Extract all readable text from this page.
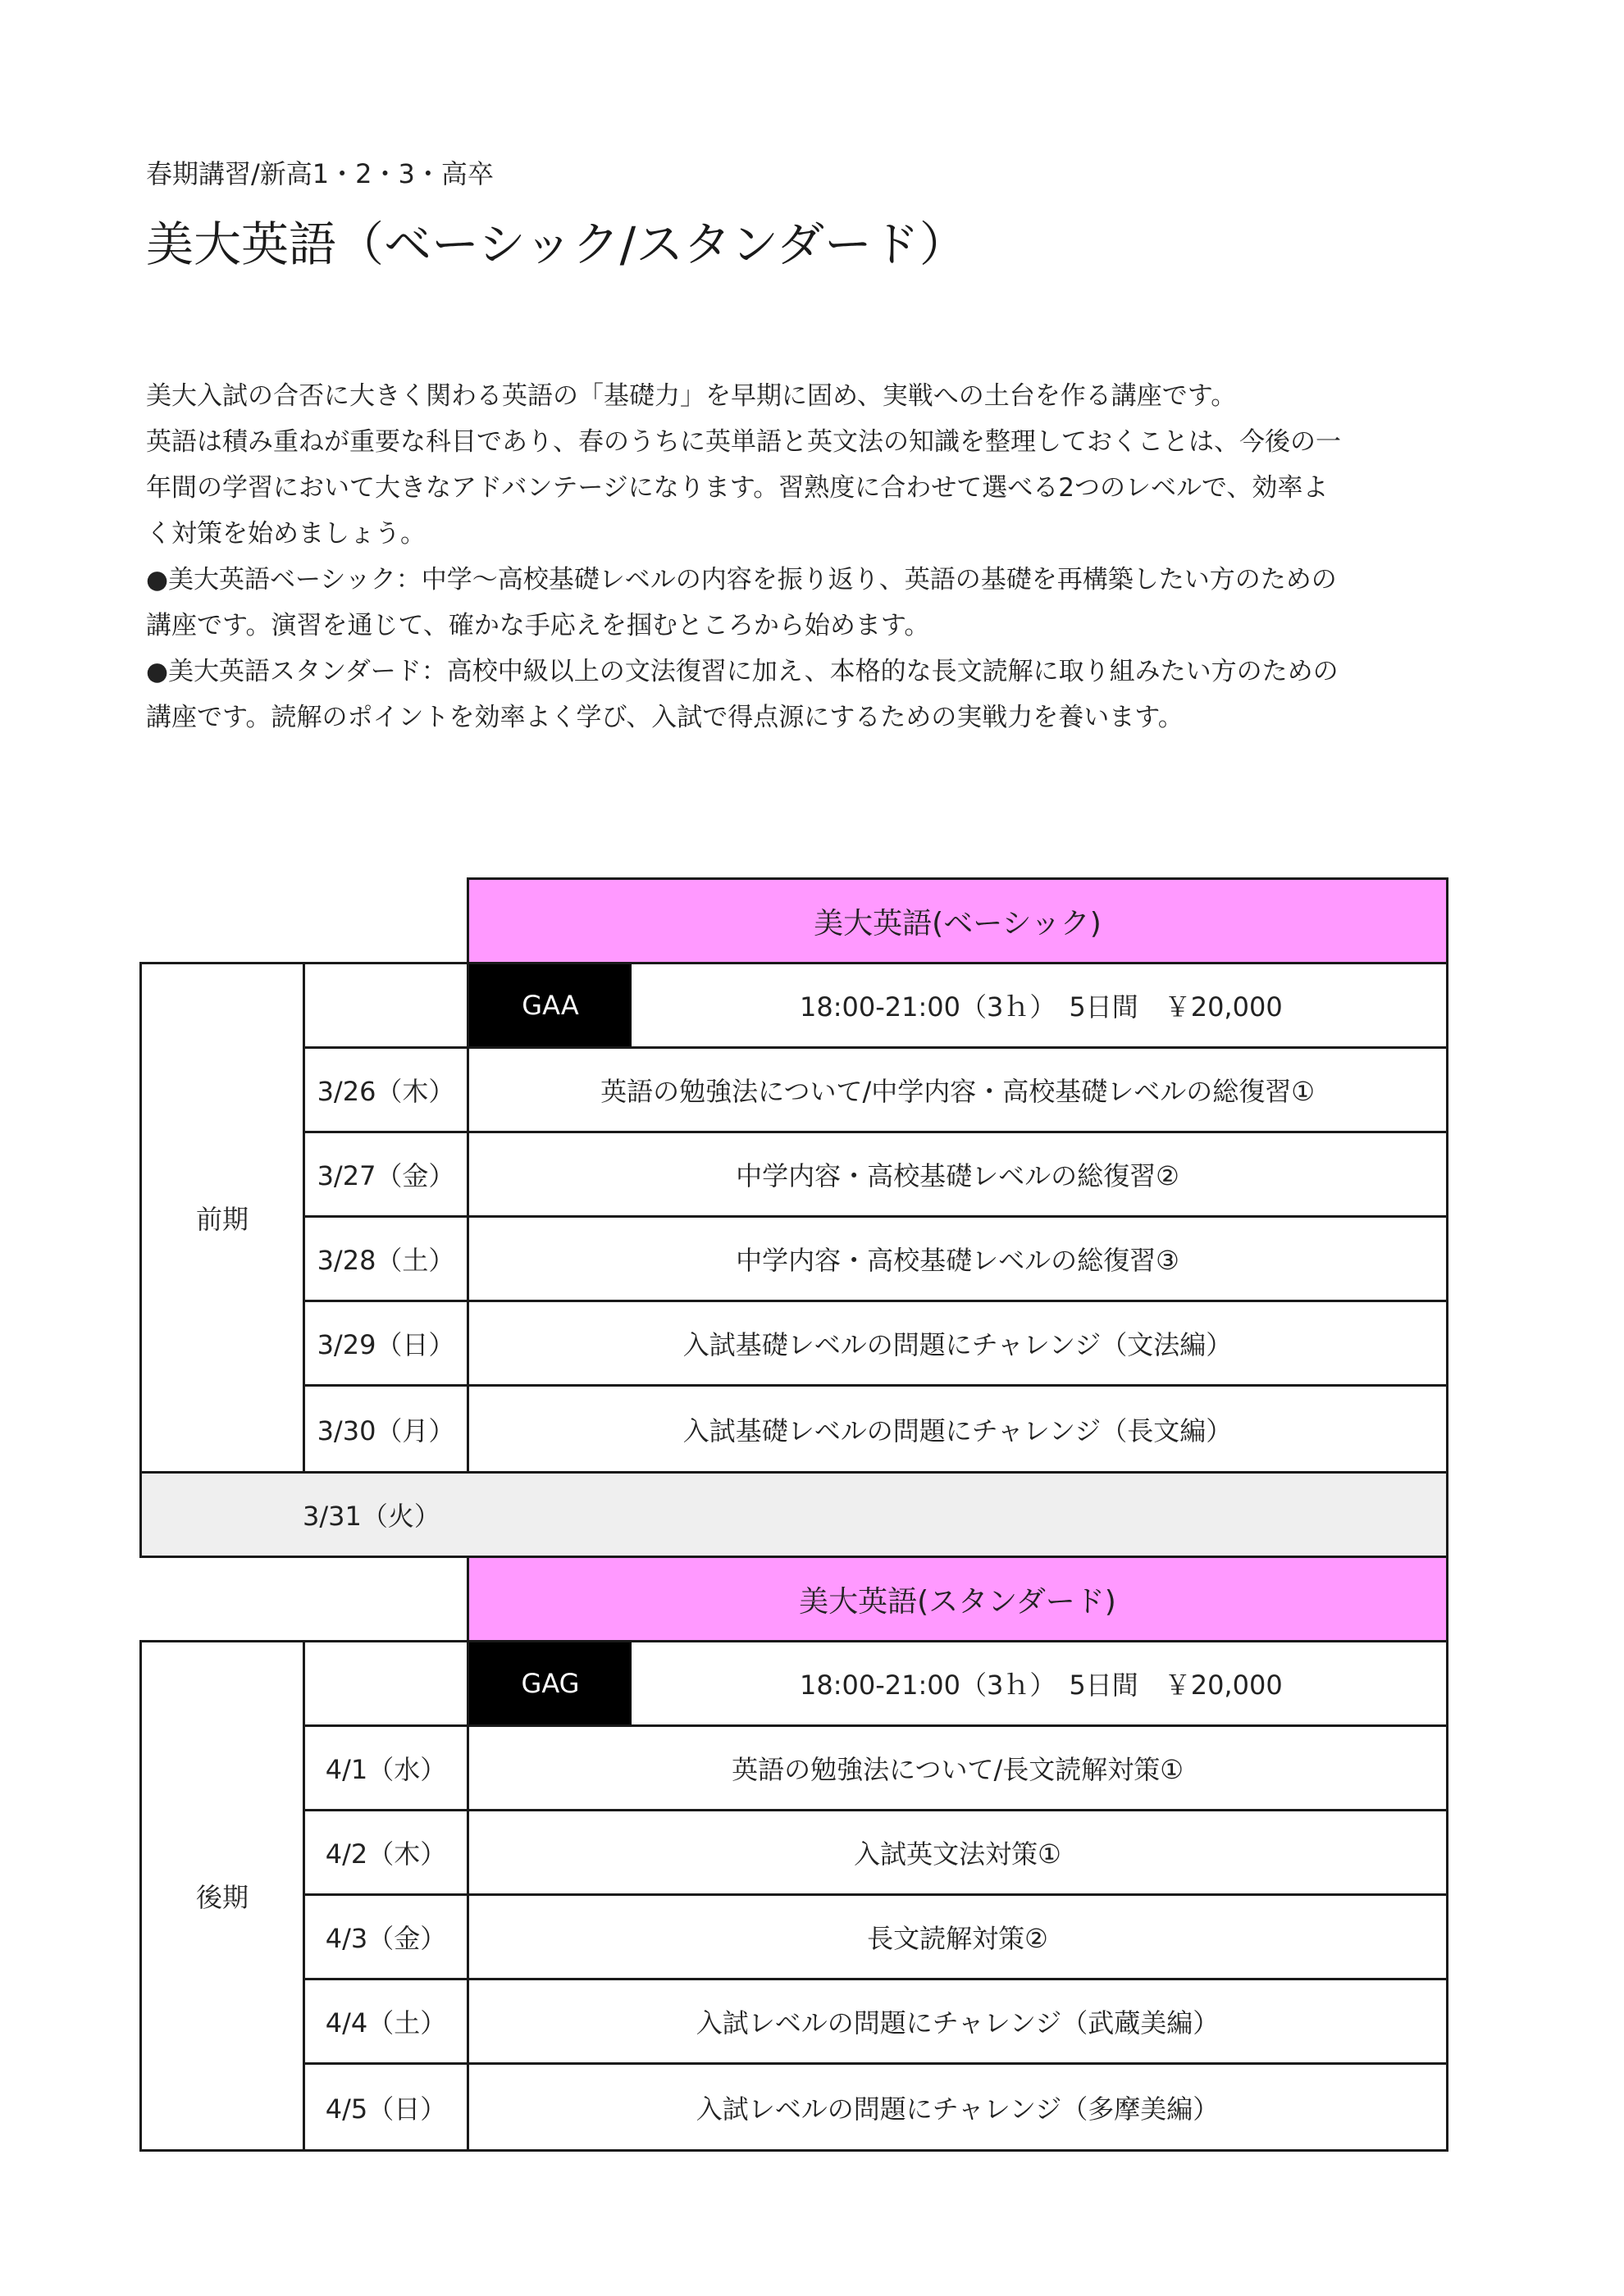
春期講習/新高1・2・3・高卒
美大英語（ベーシック/スタンダード）

美大入試の合否に大きく関わる英語の「基礎力」を早期に固め、実戦への土台を作る講座です。

英語は積み重ねが重要な科目であり、春のうちに英単語と英文法の知識を整理しておくことは、今後の一

年間の学習において大きなアドバンテージになります。習熟度に合わせて選べる2つのレベルで、効率よ

く対策を始めましょう。

●美大英語ベーシック：中学～高校基礎レベルの内容を振り返り、英語の基礎を再構築したい方のための

講座です。演習を通じて、確かな手応えを掴むところから始めます。

●美大英語スタンダード：高校中級以上の文法復習に加え、本格的な長文読解に取り組みたい方のための

講座です。読解のポイントを効率よく学び、入試で得点源にするための実戦力を養います。

美大英語(ベーシック)
前期
GAA	18:00-21:00（3ｈ）　5日間　￥20,000
3/26（木）	英語の勉強法について/中学内容・高校基礎レベルの総復習①
3/27（金）	中学内容・高校基礎レベルの総復習②
3/28（土）	中学内容・高校基礎レベルの総復習③
3/29（日）	入試基礎レベルの問題にチャレンジ（文法編）
3/30（月）	入試基礎レベルの問題にチャレンジ（長文編）
3/31（火）
美大英語(スタンダード)
後期
GAG	18:00-21:00（3ｈ）　5日間　￥20,000
4/1（水）	英語の勉強法について/長文読解対策①
4/2（木）	入試英文法対策①
4/3（金）	長文読解対策②
4/4（土）	入試レベルの問題にチャレンジ（武蔵美編）
4/5（日）	入試レベルの問題にチャレンジ（多摩美編）
